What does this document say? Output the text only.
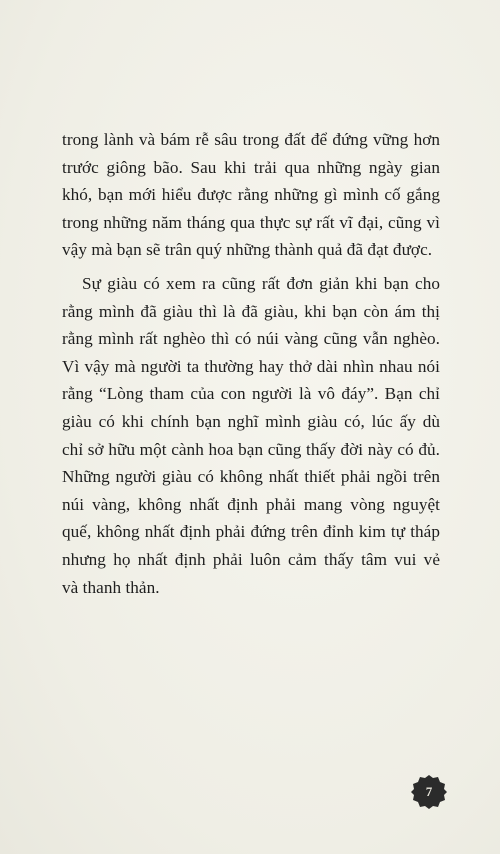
trong lành và bám rễ sâu trong đất để đứng vững hơn
trước giông bão. Sau khi trải qua những ngày gian
khó, bạn mới hiểu được rằng những gì mình cố gắng
trong những năm tháng qua thực sự rất vĩ đại, cũng vì
vậy mà bạn sẽ trân quý những thành quả đã đạt được.
Sự giàu có xem ra cũng rất đơn giản khi bạn cho
rằng mình đã giàu thì là đã giàu, khi bạn còn ám thị
rằng mình rất nghèo thì có núi vàng cũng vẫn nghèo.
Vì vậy mà người ta thường hay thở dài nhìn nhau nói
rằng “Lòng tham của con người là vô đáy”. Bạn chỉ
giàu có khi chính bạn nghĩ mình giàu có, lúc ấy dù
chỉ sở hữu một cành hoa bạn cũng thấy đời này có đủ.
Những người giàu có không nhất thiết phải ngồi trên
núi vàng, không nhất định phải mang vòng nguyệt
quế, không nhất định phải đứng trên đỉnh kim tự tháp
nhưng họ nhất định phải luôn cảm thấy tâm vui vẻ
và thanh thản.
7
